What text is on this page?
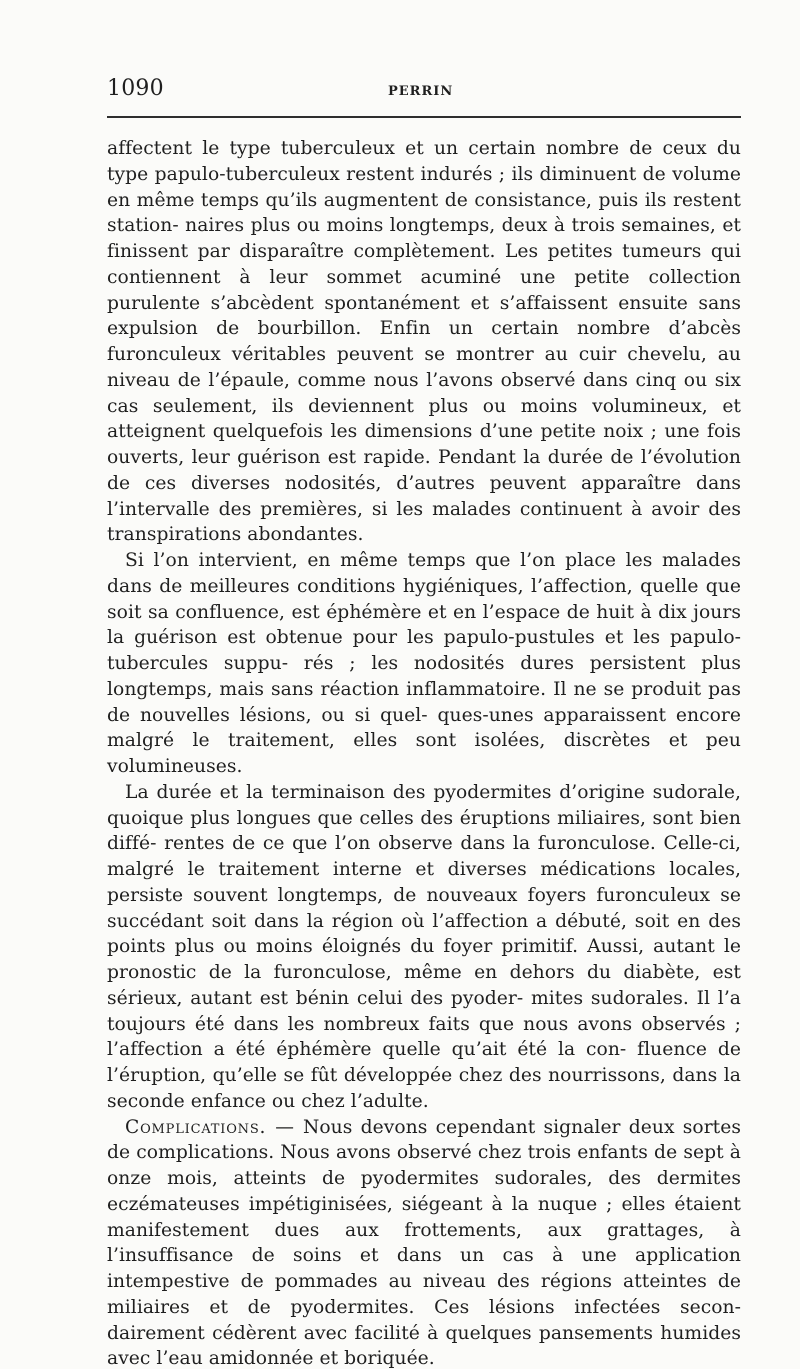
1090	PERRIN

affectent le type tuberculeux et un certain nombre de ceux du type papulo-tuberculeux restent indurés ; ils diminuent de volume en même temps qu’ils augmentent de consistance, puis ils restent station- naires plus ou moins longtemps, deux à trois semaines, et finissent par disparaître complètement. Les petites tumeurs qui contiennent à leur sommet acuminé une petite collection purulente s’abcèdent spontanément et s’affaissent ensuite sans expulsion de bourbillon. Enfin un certain nombre d’abcès furonculeux véritables peuvent se montrer au cuir chevelu, au niveau de l’épaule, comme nous l’avons observé dans cinq ou six cas seulement, ils deviennent plus ou moins volumineux, et atteignent quelquefois les dimensions d’une petite noix ; une fois ouverts, leur guérison est rapide. Pendant la durée de l’évolution de ces diverses nodosités, d’autres peuvent apparaître dans l’intervalle des premières, si les malades continuent à avoir des transpirations abondantes.

Si l’on intervient, en même temps que l’on place les malades dans de meilleures conditions hygiéniques, l’affection, quelle que soit sa confluence, est éphémère et en l’espace de huit à dix jours la guérison est obtenue pour les papulo-pustules et les papulo-tubercules suppu- rés ; les nodosités dures persistent plus longtemps, mais sans réaction inflammatoire. Il ne se produit pas de nouvelles lésions, ou si quel- ques-unes apparaissent encore malgré le traitement, elles sont isolées, discrètes et peu volumineuses.

La durée et la terminaison des pyodermites d’origine sudorale, quoique plus longues que celles des éruptions miliaires, sont bien diffé- rentes de ce que l’on observe dans la furonculose. Celle-ci, malgré le traitement interne et diverses médications locales, persiste souvent longtemps, de nouveaux foyers furonculeux se succédant soit dans la région où l’affection a débuté, soit en des points plus ou moins éloignés du foyer primitif. Aussi, autant le pronostic de la furonculose, même en dehors du diabète, est sérieux, autant est bénin celui des pyoder- mites sudorales. Il l’a toujours été dans les nombreux faits que nous avons observés ; l’affection a été éphémère quelle qu’ait été la con- fluence de l’éruption, qu’elle se fût développée chez des nourrissons, dans la seconde enfance ou chez l’adulte.

Complications. — Nous devons cependant signaler deux sortes de complications. Nous avons observé chez trois enfants de sept à onze mois, atteints de pyodermites sudorales, des dermites eczémateuses impétiginisées, siégeant à la nuque ; elles étaient manifestement dues aux frottements, aux grattages, à l’insuffisance de soins et dans un cas à une application intempestive de pommades au niveau des régions atteintes de miliaires et de pyodermites. Ces lésions infectées secon- dairement cédèrent avec facilité à quelques pansements humides avec l’eau amidonnée et boriquée.
